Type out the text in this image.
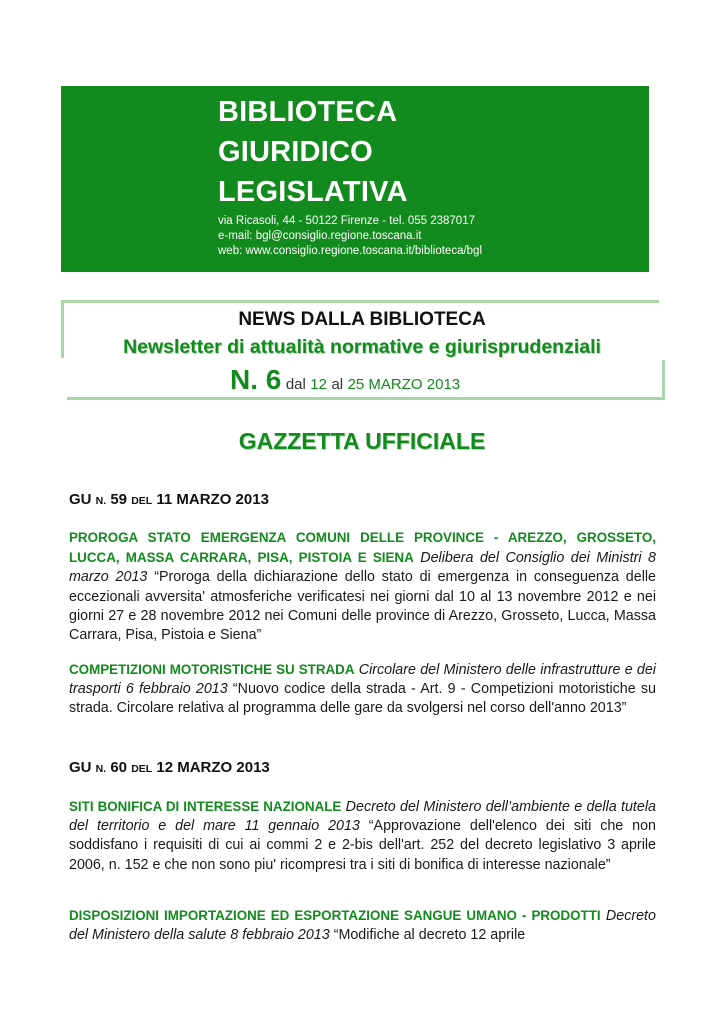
BIBLIOTECA
GIURIDICO
LEGISLATIVA
via Ricasoli, 44 - 50122 Firenze - tel. 055 2387017
e-mail: bgl@consiglio.regione.toscana.it
web: www.consiglio.regione.toscana.it/biblioteca/bgl
NEWS DALLA BIBLIOTECA
Newsletter di attualità normative e giurisprudenziali
N. 6 dal 12 al 25 MARZO 2013
GAZZETTA UFFICIALE
GU N. 59 DEL 11 MARZO 2013
PROROGA STATO EMERGENZA COMUNI DELLE PROVINCE - AREZZO, GROSSETO, LUCCA, MASSA CARRARA, PISA, PISTOIA E SIENA Delibera del Consiglio dei Ministri 8 marzo 2013 “Proroga della dichiarazione dello stato di emergenza in conseguenza delle eccezionali avversita' atmosferiche verificatesi nei giorni dal 10 al 13 novembre 2012 e nei giorni 27 e 28 novembre 2012 nei Comuni delle province di Arezzo, Grosseto, Lucca, Massa Carrara, Pisa, Pistoia e Siena”
COMPETIZIONI MOTORISTICHE SU STRADA Circolare del Ministero delle infrastrutture e dei trasporti 6 febbraio 2013 “Nuovo codice della strada - Art. 9 - Competizioni motoristiche su strada. Circolare relativa al programma delle gare da svolgersi nel corso dell'anno 2013”
GU N. 60 DEL 12 MARZO 2013
SITI BONIFICA DI INTERESSE NAZIONALE Decreto del Ministero dell’ambiente e della tutela del territorio e del mare 11 gennaio 2013 “Approvazione dell'elenco dei siti che non soddisfano i requisiti di cui ai commi 2 e 2-bis dell'art. 252 del decreto legislativo 3 aprile 2006, n. 152 e che non sono piu' ricompresi tra i siti di bonifica di interesse nazionale”
DISPOSIZIONI IMPORTAZIONE ED ESPORTAZIONE SANGUE UMANO - PRODOTTI Decreto del Ministero della salute 8 febbraio 2013 “Modifiche al decreto 12 aprile
